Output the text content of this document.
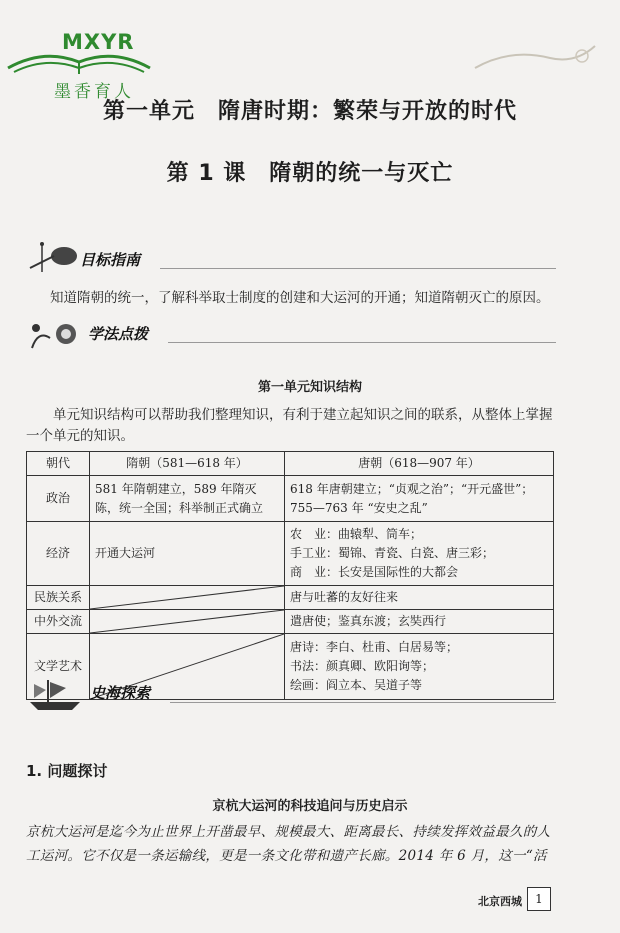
MXYR
墨香育人
第一单元　隋唐时期：繁荣与开放的时代
第 1 课　隋朝的统一与灭亡
目标指南
知道隋朝的统一，了解科举取士制度的创建和大运河的开通；知道隋朝灭亡的原因。
学法点拨
第一单元知识结构
单元知识结构可以帮助我们整理知识，有利于建立起知识之间的联系，从整体上掌握一个单元的知识。
朝代	隋朝（581—618 年）	唐朝（618—907 年）
政治	581 年隋朝建立，589 年隋灭陈，统一全国；科举制正式确立	618 年唐朝建立；“贞观之治”；“开元盛世”；
755—763 年 “安史之乱”

经济	开通大运河	农　业：曲辕犁、筒车；
手工业：蜀锦、青瓷、白瓷、唐三彩；
商　业：长安是国际性的大都会

民族关系		唐与吐蕃的友好往来
中外交流		遣唐使；鉴真东渡；玄奘西行
文学艺术		唐诗：李白、杜甫、白居易等；
书法：颜真卿、欧阳询等；
绘画：阎立本、吴道子等
史海探索
1. 问题探讨
京杭大运河的科技追问与历史启示
京杭大运河是迄今为止世界上开凿最早、规模最大、距离最长、持续发挥效益最久的人工运河。它不仅是一条运输线，更是一条文化带和遗产长廊。2014 年 6 月，这一“活
北京西城	1
